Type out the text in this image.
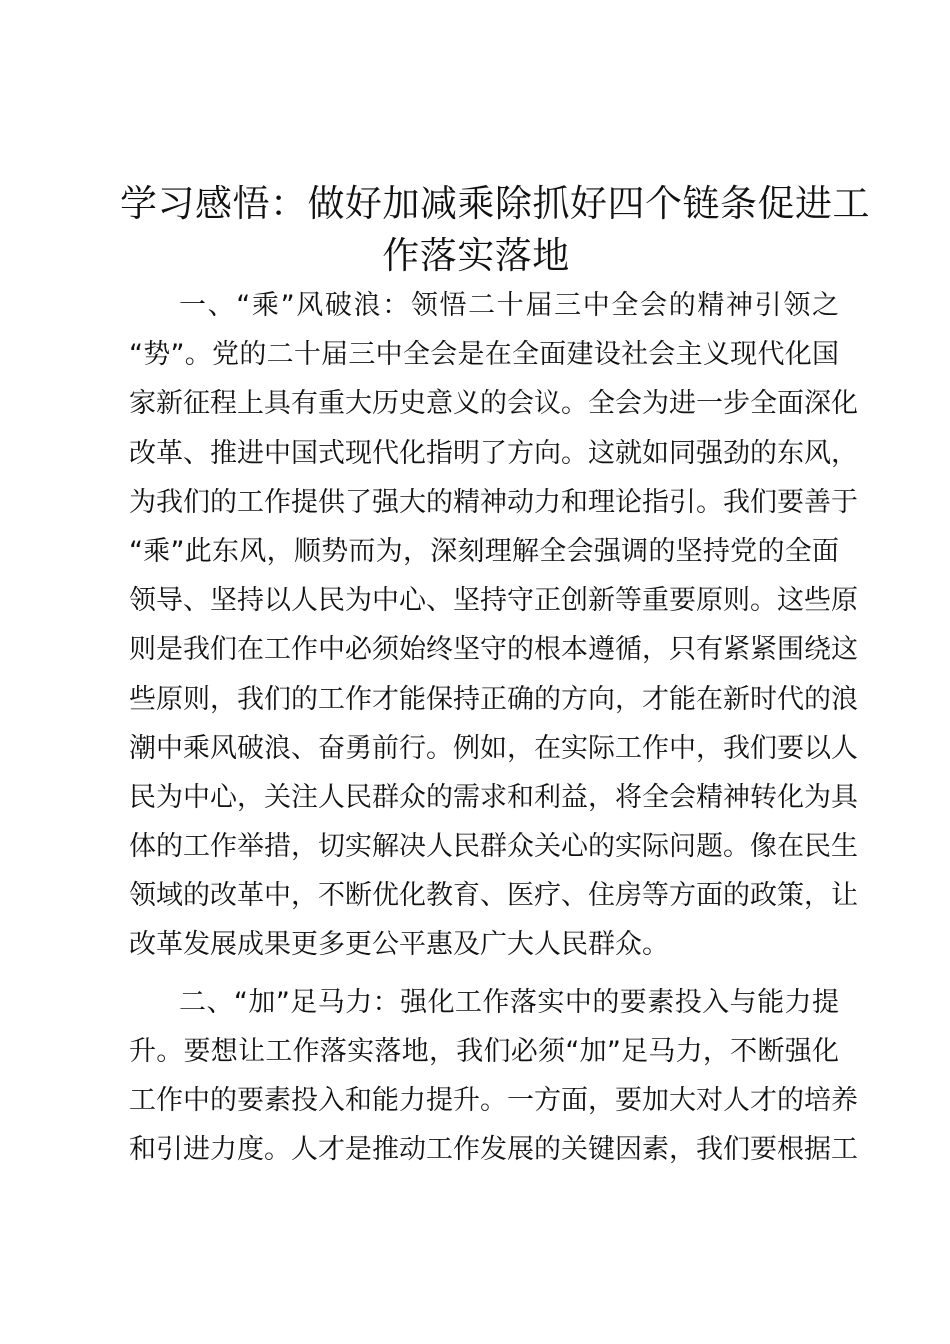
学习感悟：做好加减乘除抓好四个链条促进工
作落实落地

一、“乘”风破浪：领悟二十届三中全会的精神引领之
“势”。党的二十届三中全会是在全面建设社会主义现代化国
家新征程上具有重大历史意义的会议。全会为进一步全面深化
改革、推进中国式现代化指明了方向。这就如同强劲的东风，
为我们的工作提供了强大的精神动力和理论指引。我们要善于
“乘”此东风，顺势而为，深刻理解全会强调的坚持党的全面
领导、坚持以人民为中心、坚持守正创新等重要原则。这些原
则是我们在工作中必须始终坚守的根本遵循，只有紧紧围绕这
些原则，我们的工作才能保持正确的方向，才能在新时代的浪
潮中乘风破浪、奋勇前行。例如，在实际工作中，我们要以人
民为中心，关注人民群众的需求和利益，将全会精神转化为具
体的工作举措，切实解决人民群众关心的实际问题。像在民生
领域的改革中，不断优化教育、医疗、住房等方面的政策，让
改革发展成果更多更公平惠及广大人民群众。

二、“加”足马力：强化工作落实中的要素投入与能力提
升。要想让工作落实落地，我们必须“加”足马力，不断强化
工作中的要素投入和能力提升。一方面，要加大对人才的培养
和引进力度。人才是推动工作发展的关键因素，我们要根据工
